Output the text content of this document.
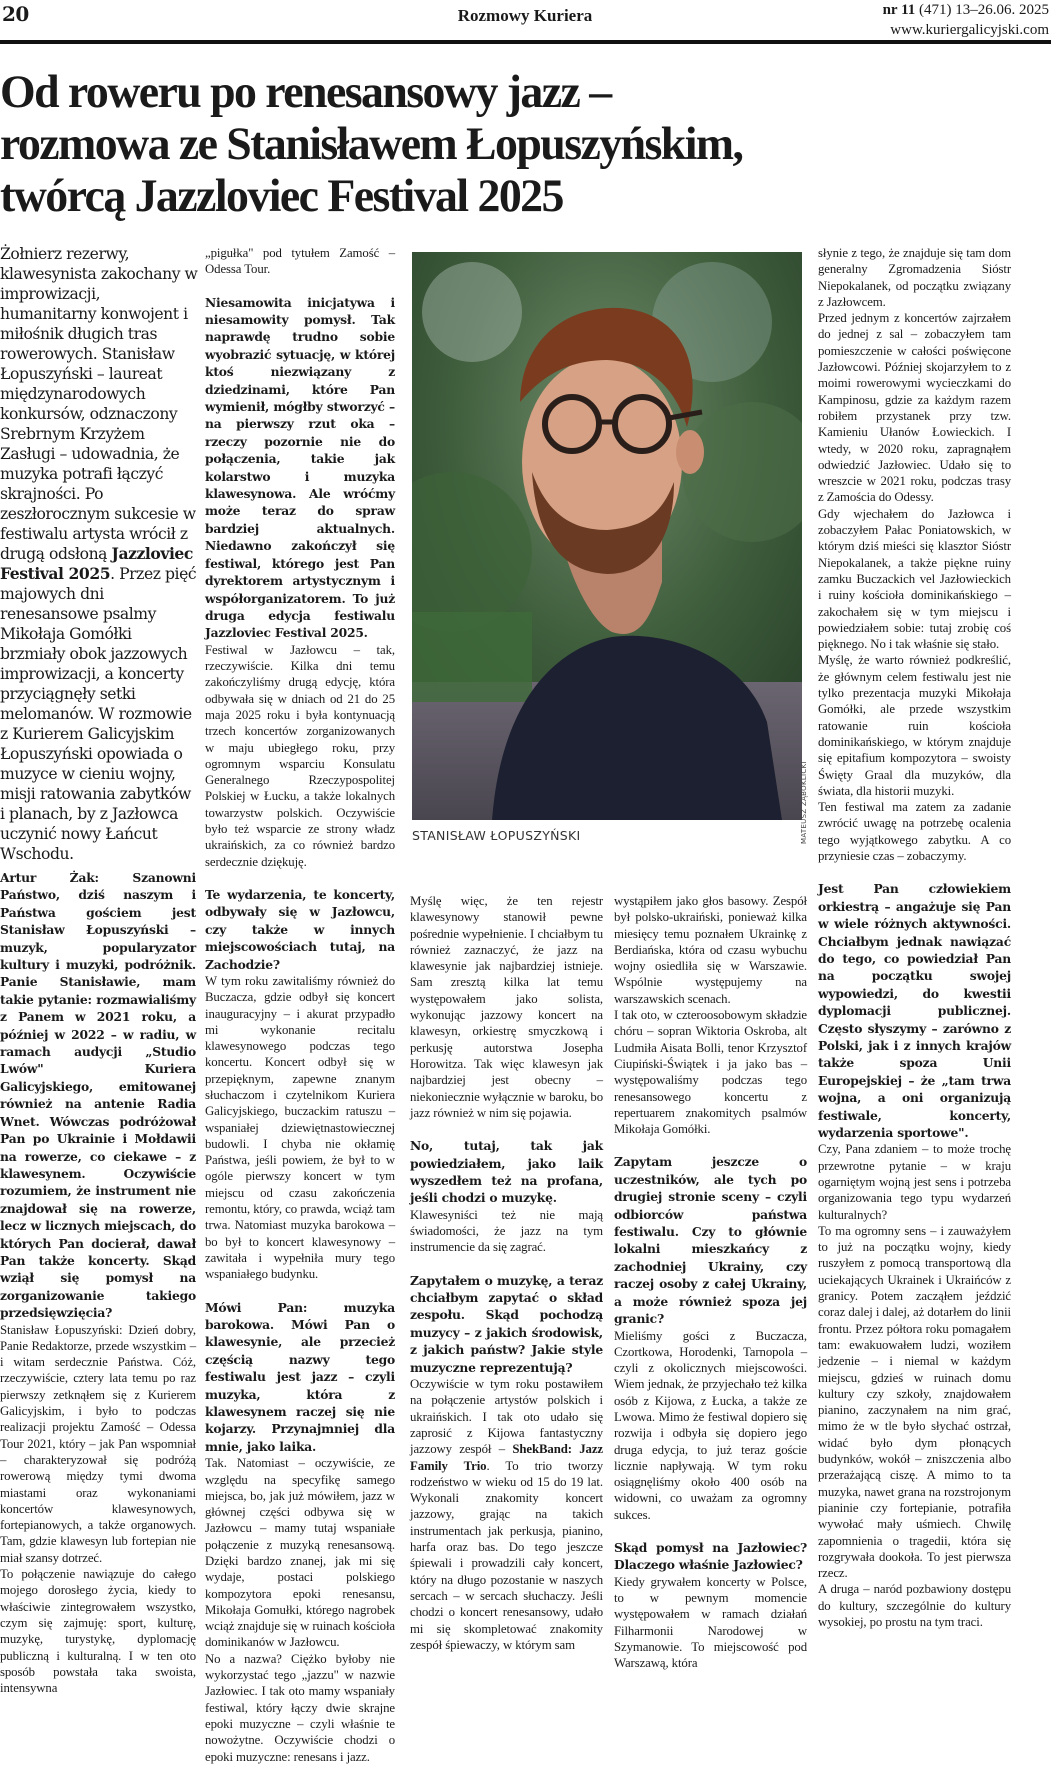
20	Rozmowy Kuriera	nr 11 (471) 13–26.06. 2025
www.kuriergalicyjski.com
Od roweru po renesansowy jazz –
rozmowa ze Stanisławem Łopuszyńskim,
twórcą Jazzloviec Festival 2025
Żołnierz rezerwy, klawesynista zakochany w improwizacji, humanitarny konwojent i miłośnik długich tras rowerowych. Stanisław Łopuszyński – laureat międzynarodowych konkursów, odznaczony Srebrnym Krzyżem Zasługi – udowadnia, że muzyka potrafi łączyć skrajności. Po zeszłorocznym sukcesie w festiwalu artysta wrócił z drugą odsłoną Jazzloviec Festival 2025. Przez pięć majowych dni renesansowe psalmy Mikołaja Gomółki brzmiały obok jazzowych improwizacji, a koncerty przyciągnęły setki melomanów. W rozmowie z Kurierem Galicyjskim Łopuszyński opowiada o muzyce w cieniu wojny, misji ratowania zabytków i planach, by z Jazłowca uczynić nowy Łańcut Wschodu.

Artur Żak: Szanowni Państwo, dziś naszym i Państwa gościem jest Stanisław Łopuszyński – muzyk, popularyzator kultury i muzyki, podróżnik. Panie Stanisławie, mam takie pytanie: rozmawialiśmy z Panem w 2021 roku, a później w 2022 – w radiu, w ramach audycji „Studio Lwów" Kuriera Galicyjskiego, emitowanej również na antenie Radia Wnet. Wówczas podróżował Pan po Ukrainie i Mołdawii na rowerze, co ciekawe – z klawesynem. Oczywiście rozumiem, że instrument nie znajdował się na rowerze, lecz w licznych miejscach, do których Pan docierał, dawał Pan także koncerty. Skąd wziął się pomysł na zorganizowanie takiego przedsięwzięcia?

Stanisław Łopuszyński: Dzień dobry, Panie Redaktorze, przede wszystkim – i witam serdecznie Państwa. Cóż, rzeczywiście, cztery lata temu po raz pierwszy zetknąłem się z Kurierem Galicyjskim, i było to podczas realizacji projektu Zamość – Odessa Tour 2021, który – jak Pan wspomniał – charakteryzował się podróżą rowerową między tymi dwoma miastami oraz wykonaniami koncertów klawesynowych, fortepianowych, a także organowych. Tam, gdzie klawesyn lub fortepian nie miał szansy dotrzeć.

To połączenie nawiązuje do całego mojego dorosłego życia, kiedy to właściwie zintegrowałem wszystko, czym się zajmuję: sport, kulturę, muzykę, turystykę, dyplomację publiczną i kulturalną. I w ten oto sposób powstała taka swoista, intensywna

„pigułka" pod tytułem Zamość – Odessa Tour.

Niesamowita inicjatywa i niesamowity pomysł. Tak naprawdę trudno sobie wyobrazić sytuację, w której ktoś niezwiązany z dziedzinami, które Pan wymienił, mógłby stworzyć – na pierwszy rzut oka – rzeczy pozornie nie do połączenia, takie jak kolarstwo i muzyka klawesynowa. Ale wróćmy może teraz do spraw bardziej aktualnych. Niedawno zakończył się festiwal, którego jest Pan dyrektorem artystycznym i współorganizatorem. To już druga edycja festiwalu Jazzloviec Festival 2025.

Festiwal w Jazłowcu – tak, rzeczywiście. Kilka dni temu zakończyliśmy drugą edycję, która odbywała się w dniach od 21 do 25 maja 2025 roku i była kontynuacją trzech koncertów zorganizowanych w maju ubiegłego roku, przy ogromnym wsparciu Konsulatu Generalnego Rzeczypospolitej Polskiej w Łucku, a także lokalnych towarzystw polskich. Oczywiście było też wsparcie ze strony władz ukraińskich, za co również bardzo serdecznie dziękuję.

Te wydarzenia, te koncerty, odbywały się w Jazłowcu, czy także w innych miejscowościach tutaj, na Zachodzie?

W tym roku zawitaliśmy również do Buczacza, gdzie odbył się koncert inauguracyjny – i akurat przypadło mi wykonanie recitalu klawesynowego podczas tego koncertu. Koncert odbył się w przepięknym, zapewne znanym słuchaczom i czytelnikom Kuriera Galicyjskiego, buczackim ratuszu – wspaniałej dziewiętnastowiecznej budowli. I chyba nie okłamię Państwa, jeśli powiem, że był to w ogóle pierwszy koncert w tym miejscu od czasu zakończenia remontu, który, co prawda, wciąż tam trwa. Natomiast muzyka barokowa – bo był to koncert klawesynowy – zawitała i wypełniła mury tego wspaniałego budynku.

Mówi Pan: muzyka barokowa. Mówi Pan o klawesynie, ale przecież częścią nazwy tego festiwalu jest jazz – czyli muzyka, która z klawesynem raczej się nie kojarzy. Przynajmniej dla mnie, jako laika.

Tak. Natomiast – oczywiście, ze względu na specyfikę samego miejsca, bo, jak już mówiłem, jazz w głównej części odbywa się w Jazłowcu – mamy tutaj wspaniałe połączenie z muzyką renesansową. Dzięki bardzo znanej, jak mi się wydaje, postaci polskiego kompozytora epoki renesansu, Mikołaja Gomułki, którego nagrobek wciąż znajduje się w ruinach kościoła dominikanów w Jazłowcu.

No a nazwa? Ciężko byłoby nie wykorzystać tego „jazzu" w nazwie Jazłowiec. I tak oto mamy wspaniały festiwal, który łączy dwie skrajne epoki muzyczne – czyli właśnie te nowożytne. Oczywiście chodzi o epoki muzyczne: renesans i jazz.

MATEUSZ ŻĄBOKLICKI
STANISŁAW ŁOPUSZYŃSKI

Myślę więc, że ten rejestr klawesynowy stanowił pewne pośrednie wypełnienie. I chciałbym tu również zaznaczyć, że jazz na klawesynie jak najbardziej istnieje. Sam zresztą kilka lat temu występowałem jako solista, wykonując jazzowy koncert na klawesyn, orkiestrę smyczkową i perkusję autorstwa Josepha Horowitza. Tak więc klawesyn jak najbardziej jest obecny – niekoniecznie wyłącznie w baroku, bo jazz również w nim się pojawia.

No, tutaj, tak jak powiedziałem, jako laik wyszedłem też na profana, jeśli chodzi o muzykę.

Klawesyniści też nie mają świadomości, że jazz na tym instrumencie da się zagrać.

Zapytałem o muzykę, a teraz chciałbym zapytać o skład zespołu. Skąd pochodzą muzycy – z jakich środowisk, z jakich państw? Jakie style muzyczne reprezentują?

Oczywiście w tym roku postawiłem na połączenie artystów polskich i ukraińskich. I tak oto udało się zaprosić z Kijowa fantastyczny jazzowy zespół – ShekBand: Jazz Family Trio. To trio tworzy rodzeństwo w wieku od 15 do 19 lat. Wykonali znakomity koncert jazzowy, grając na takich instrumentach jak perkusja, pianino, harfa oraz bas. Do tego jeszcze śpiewali i prowadzili cały koncert, który na długo pozostanie w naszych sercach – w sercach słuchaczy. Jeśli chodzi o koncert renesansowy, udało mi się skompletować znakomity zespół śpiewaczy, w którym sam

wystąpiłem jako głos basowy. Zespół był polsko-ukraiński, ponieważ kilka miesięcy temu poznałem Ukrainkę z Berdiańska, która od czasu wybuchu wojny osiedliła się w Warszawie. Wspólnie występujemy na warszawskich scenach.

I tak oto, w czteroosobowym składzie chóru – sopran Wiktoria Oskroba, alt Ludmiła Aisata Bolli, tenor Krzysztof Ciupiński-Świątek i ja jako bas – występowaliśmy podczas tego renesansowego koncertu z repertuarem znakomitych psalmów Mikołaja Gomółki.

Zapytam jeszcze o uczestników, ale tych po drugiej stronie sceny – czyli odbiorców państwa festiwalu. Czy to głównie lokalni mieszkańcy z zachodniej Ukrainy, czy raczej osoby z całej Ukrainy, a może również spoza jej granic?

Mieliśmy gości z Buczacza, Czortkowa, Horodenki, Tarnopola – czyli z okolicznych miejscowości. Wiem jednak, że przyjechało też kilka osób z Kijowa, z Łucka, a także ze Lwowa. Mimo że festiwal dopiero się rozwija i odbyła się dopiero jego druga edycja, to już teraz goście licznie napływają. W tym roku osiągnęliśmy około 400 osób na widowni, co uważam za ogromny sukces.

Skąd pomysł na Jazłowiec? Dlaczego właśnie Jazłowiec?

Kiedy grywałem koncerty w Polsce, to w pewnym momencie występowałem w ramach działań Filharmonii Narodowej w Szymanowie. To miejscowość pod Warszawą, która

słynie z tego, że znajduje się tam dom generalny Zgromadzenia Sióstr Niepokalanek, od początku związany z Jazłowcem.

Przed jednym z koncertów zajrzałem do jednej z sal – zobaczyłem tam pomieszczenie w całości poświęcone Jazłowcowi. Później skojarzyłem to z moimi rowerowymi wycieczkami do Kampinosu, gdzie za każdym razem robiłem przystanek przy tzw. Kamieniu Ułanów Łowieckich. I wtedy, w 2020 roku, zapragnąłem odwiedzić Jazłowiec. Udało się to wreszcie w 2021 roku, podczas trasy z Zamościa do Odessy.

Gdy wjechałem do Jazłowca i zobaczyłem Pałac Poniatowskich, w którym dziś mieści się klasztor Sióstr Niepokalanek, a także piękne ruiny zamku Buczackich vel Jazłowieckich i ruiny kościoła dominikańskiego – zakochałem się w tym miejscu i powiedziałem sobie: tutaj zrobię coś pięknego. No i tak właśnie się stało.

Myślę, że warto również podkreślić, że głównym celem festiwalu jest nie tylko prezentacja muzyki Mikołaja Gomółki, ale przede wszystkim ratowanie ruin kościoła dominikańskiego, w którym znajduje się epitafium kompozytora – swoisty Święty Graal dla muzyków, dla świata, dla historii muzyki.

Ten festiwal ma zatem za zadanie zwrócić uwagę na potrzebę ocalenia tego wyjątkowego zabytku. A co przyniesie czas – zobaczymy.

Jest Pan człowiekiem orkiestrą – angażuje się Pan w wiele różnych aktywności. Chciałbym jednak nawiązać do tego, co powiedział Pan na początku swojej wypowiedzi, do kwestii dyplomacji publicznej. Często słyszymy – zarówno z Polski, jak i z innych krajów także spoza Unii Europejskiej – że „tam trwa wojna, a oni organizują festiwale, koncerty, wydarzenia sportowe".

Czy, Pana zdaniem – to może trochę przewrotne pytanie – w kraju ogarniętym wojną jest sens i potrzeba organizowania tego typu wydarzeń kulturalnych?

To ma ogromny sens – i zauważyłem to już na początku wojny, kiedy ruszyłem z pomocą transportową dla uciekających Ukrainek i Ukraińców z granicy. Potem zacząłem jeździć coraz dalej i dalej, aż dotarłem do linii frontu. Przez półtora roku pomagałem tam: ewakuowałem ludzi, woziłem jedzenie – i niemal w każdym miejscu, gdzieś w ruinach domu kultury czy szkoły, znajdowałem pianino, zaczynałem na nim grać, mimo że w tle było słychać ostrzał, widać było dym płonących budynków, wokół – zniszczenia albo przerażającą ciszę. A mimo to ta muzyka, nawet grana na rozstrojonym pianinie czy fortepianie, potrafiła wywołać mały uśmiech. Chwilę zapomnienia o tragedii, która się rozgrywała dookoła. To jest pierwsza rzecz.

A druga – naród pozbawiony dostępu do kultury, szczególnie do kultury wysokiej, po prostu na tym traci.
